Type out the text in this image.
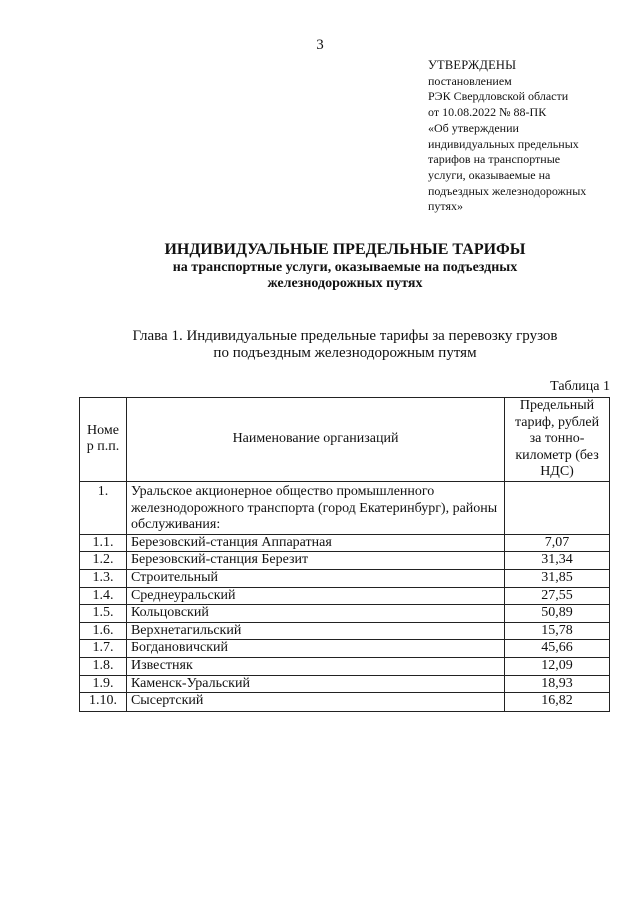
3
УТВЕРЖДЕНЫ
постановлением
РЭК Свердловской области
от 10.08.2022 № 88-ПК
«Об утверждении
индивидуальных предельных
тарифов на транспортные
услуги, оказываемые на
подъездных железнодорожных
путях»
ИНДИВИДУАЛЬНЫЕ ПРЕДЕЛЬНЫЕ ТАРИФЫ
на транспортные услуги, оказываемые на подъездных
железнодорожных путях
Глава 1. Индивидуальные предельные тарифы за перевозку грузов
по подъездным железнодорожным путям
Таблица 1
Номе р п.п.	Наименование организаций	Предельный тариф, рублей за тонно-километр (без НДС)
1.	Уральское акционерное общество промышленного железнодорожного транспорта (город Екатеринбург), районы обслуживания:	
1.1.	Березовский-станция Аппаратная	7,07
1.2.	Березовский-станция Березит	31,34
1.3.	Строительный	31,85
1.4.	Среднеуральский	27,55
1.5.	Кольцовский	50,89
1.6.	Верхнетагильский	15,78
1.7.	Богдановичский	45,66
1.8.	Известняк	12,09
1.9.	Каменск-Уральский	18,93
1.10.	Сысертский	16,82
